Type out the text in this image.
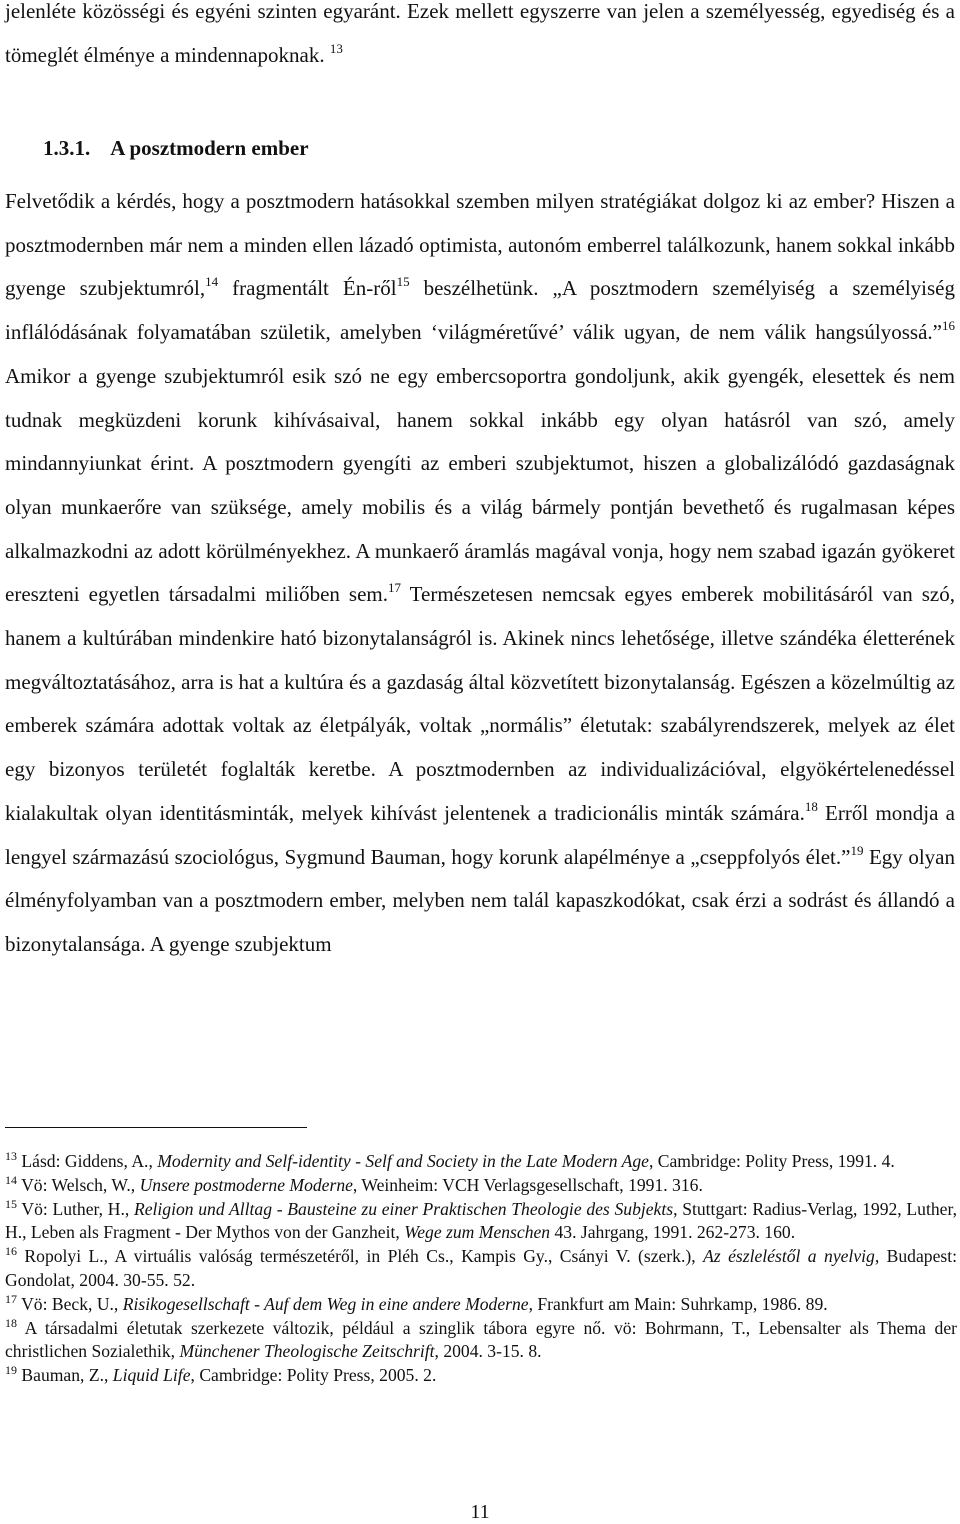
jelenléte közösségi és egyéni szinten egyaránt. Ezek mellett egyszerre van jelen a személyesség, egyediség és a tömeglét élménye a mindennapoknak. $^{13}$

1.3.1. A posztmodern ember

Felvetődik a kérdés, hogy a posztmodern hatásokkal szemben milyen stratégiákat dolgoz ki az ember? Hiszen a posztmodernben már nem a minden ellen lázadó optimista, autonóm emberrel találkozunk, hanem sokkal inkább gyenge szubjektumról,$^{14}$ fragmentált Én-ről$^{15}$ beszélhetünk. „A posztmodern személyiség a személyiség inflálódásának folyamatában születik, amelyben ‘világméretűvé’ válik ugyan, de nem válik hangsúlyossá.”$^{16}$ Amikor a gyenge szubjektumról esik szó ne egy embercsoportra gondoljunk, akik gyengék, elesettek és nem tudnak megküzdeni korunk kihívásaival, hanem sokkal inkább egy olyan hatásról van szó, amely mindannyiunkat érint. A posztmodern gyengíti az emberi szubjektumot, hiszen a globalizálódó gazdaságnak olyan munkaerőre van szüksége, amely mobilis és a világ bármely pontján bevethető és rugalmasan képes alkalmazkodni az adott körülményekhez. A munkaerő áramlás magával vonja, hogy nem szabad igazán gyökeret ereszteni egyetlen társadalmi miliőben sem.$^{17}$ Természetesen nemcsak egyes emberek mobilitásáról van szó, hanem a kultúrában mindenkire ható bizonytalanságról is. Akinek nincs lehetősége, illetve szándéka életterének megváltoztatásához, arra is hat a kultúra és a gazdaság által közvetített bizonytalanság. Egészen a közelmúltig az emberek számára adottak voltak az életpályák, voltak „normális” életutak: szabályrendszerek, melyek az élet egy bizonyos területét foglalták keretbe. A posztmodernben az individualizációval, elgyökértelenedéssel kialakultak olyan identitásminták, melyek kihívást jelentenek a tradicionális minták számára.$^{18}$ Erről mondja a lengyel származású szociológus, Sygmund Bauman, hogy korunk alapélménye a „cseppfolyós élet.”$^{19}$ Egy olyan élményfolyamban van a posztmodern ember, melyben nem talál kapaszkodókat, csak érzi a sodrást és állandó a bizonytalansága. A gyenge szubjektum

$^{13}$ Lásd: Giddens, A., Modernity and Self-identity - Self and Society in the Late Modern Age, Cambridge: Polity Press, 1991. 4.

$^{14}$ Vö: Welsch, W., Unsere postmoderne Moderne, Weinheim: VCH Verlagsgesellschaft, 1991. 316.

$^{15}$ Vö: Luther, H., Religion und Alltag - Bausteine zu einer Praktischen Theologie des Subjekts, Stuttgart: Radius-Verlag, 1992, Luther, H., Leben als Fragment - Der Mythos von der Ganzheit, Wege zum Menschen 43. Jahrgang, 1991. 262-273. 160.

$^{16}$ Ropolyi L., A virtuális valóság természetéről, in Pléh Cs., Kampis Gy., Csányi V. (szerk.), Az észleléstől a nyelvig, Budapest: Gondolat, 2004. 30-55. 52.

$^{17}$ Vö: Beck, U., Risikogesellschaft - Auf dem Weg in eine andere Moderne, Frankfurt am Main: Suhrkamp, 1986. 89.

$^{18}$ A társadalmi életutak szerkezete változik, például a szinglik tábora egyre nő. vö: Bohrmann, T., Lebensalter als Thema der christlichen Sozialethik, Münchener Theologische Zeitschrift, 2004. 3-15. 8.

$^{19}$ Bauman, Z., Liquid Life, Cambridge: Polity Press, 2005. 2.

11
